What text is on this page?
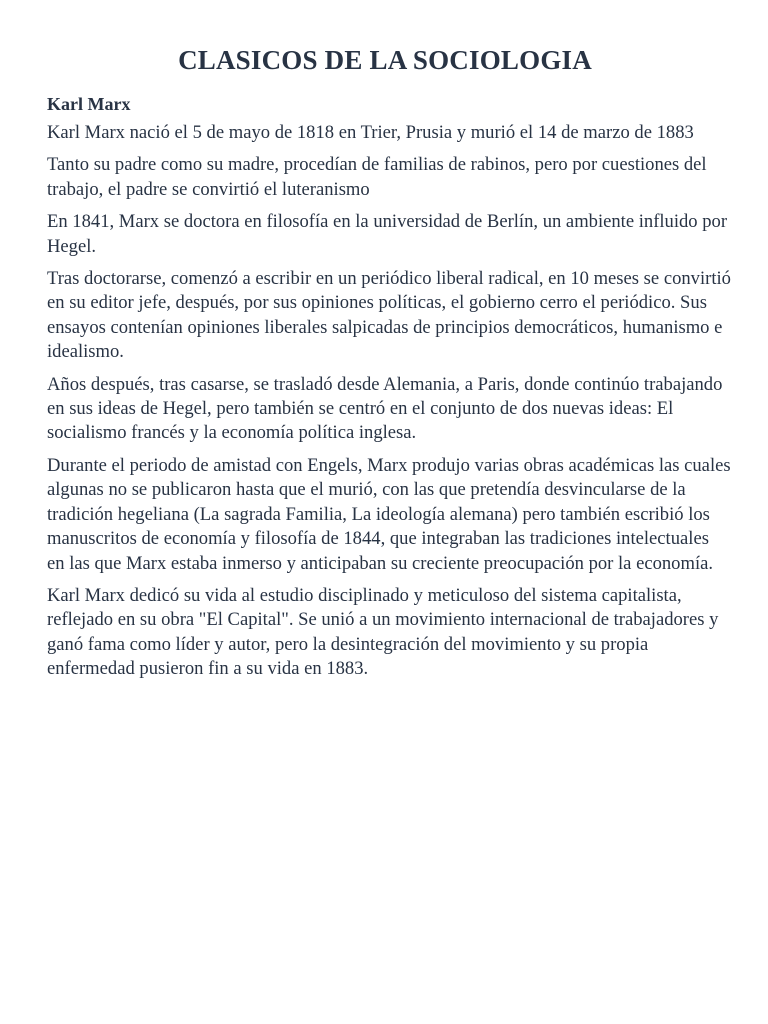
CLASICOS DE LA SOCIOLOGIA
Karl Marx

Karl Marx nació el 5 de mayo de 1818 en Trier, Prusia y murió el 14 de marzo de 1883

Tanto su padre como su madre, procedían de familias de rabinos, pero por cuestiones del trabajo, el padre se convirtió el luteranismo

En 1841, Marx se doctora en filosofía en la universidad de Berlín, un ambiente influido por Hegel.

Tras doctorarse, comenzó a escribir en un periódico liberal radical, en 10 meses se convirtió en su editor jefe, después, por sus opiniones políticas, el gobierno cerro el periódico. Sus ensayos contenían opiniones liberales salpicadas de principios democráticos, humanismo e idealismo.

Años después, tras casarse, se trasladó desde Alemania, a Paris, donde continúo trabajando en sus ideas de Hegel, pero también se centró en el conjunto de dos nuevas ideas: El socialismo francés y la economía política inglesa.

Durante el periodo de amistad con Engels, Marx produjo varias obras académicas las cuales algunas no se publicaron hasta que el murió, con las que pretendía desvincularse de la tradición hegeliana (La sagrada Familia, La ideología alemana) pero también escribió los manuscritos de economía y filosofía de 1844, que integraban las tradiciones intelectuales en las que Marx estaba inmerso y anticipaban su creciente preocupación por la economía.

Karl Marx dedicó su vida al estudio disciplinado y meticuloso del sistema capitalista, reflejado en su obra "El Capital". Se unió a un movimiento internacional de trabajadores y ganó fama como líder y autor, pero la desintegración del movimiento y su propia enfermedad pusieron fin a su vida en 1883.
